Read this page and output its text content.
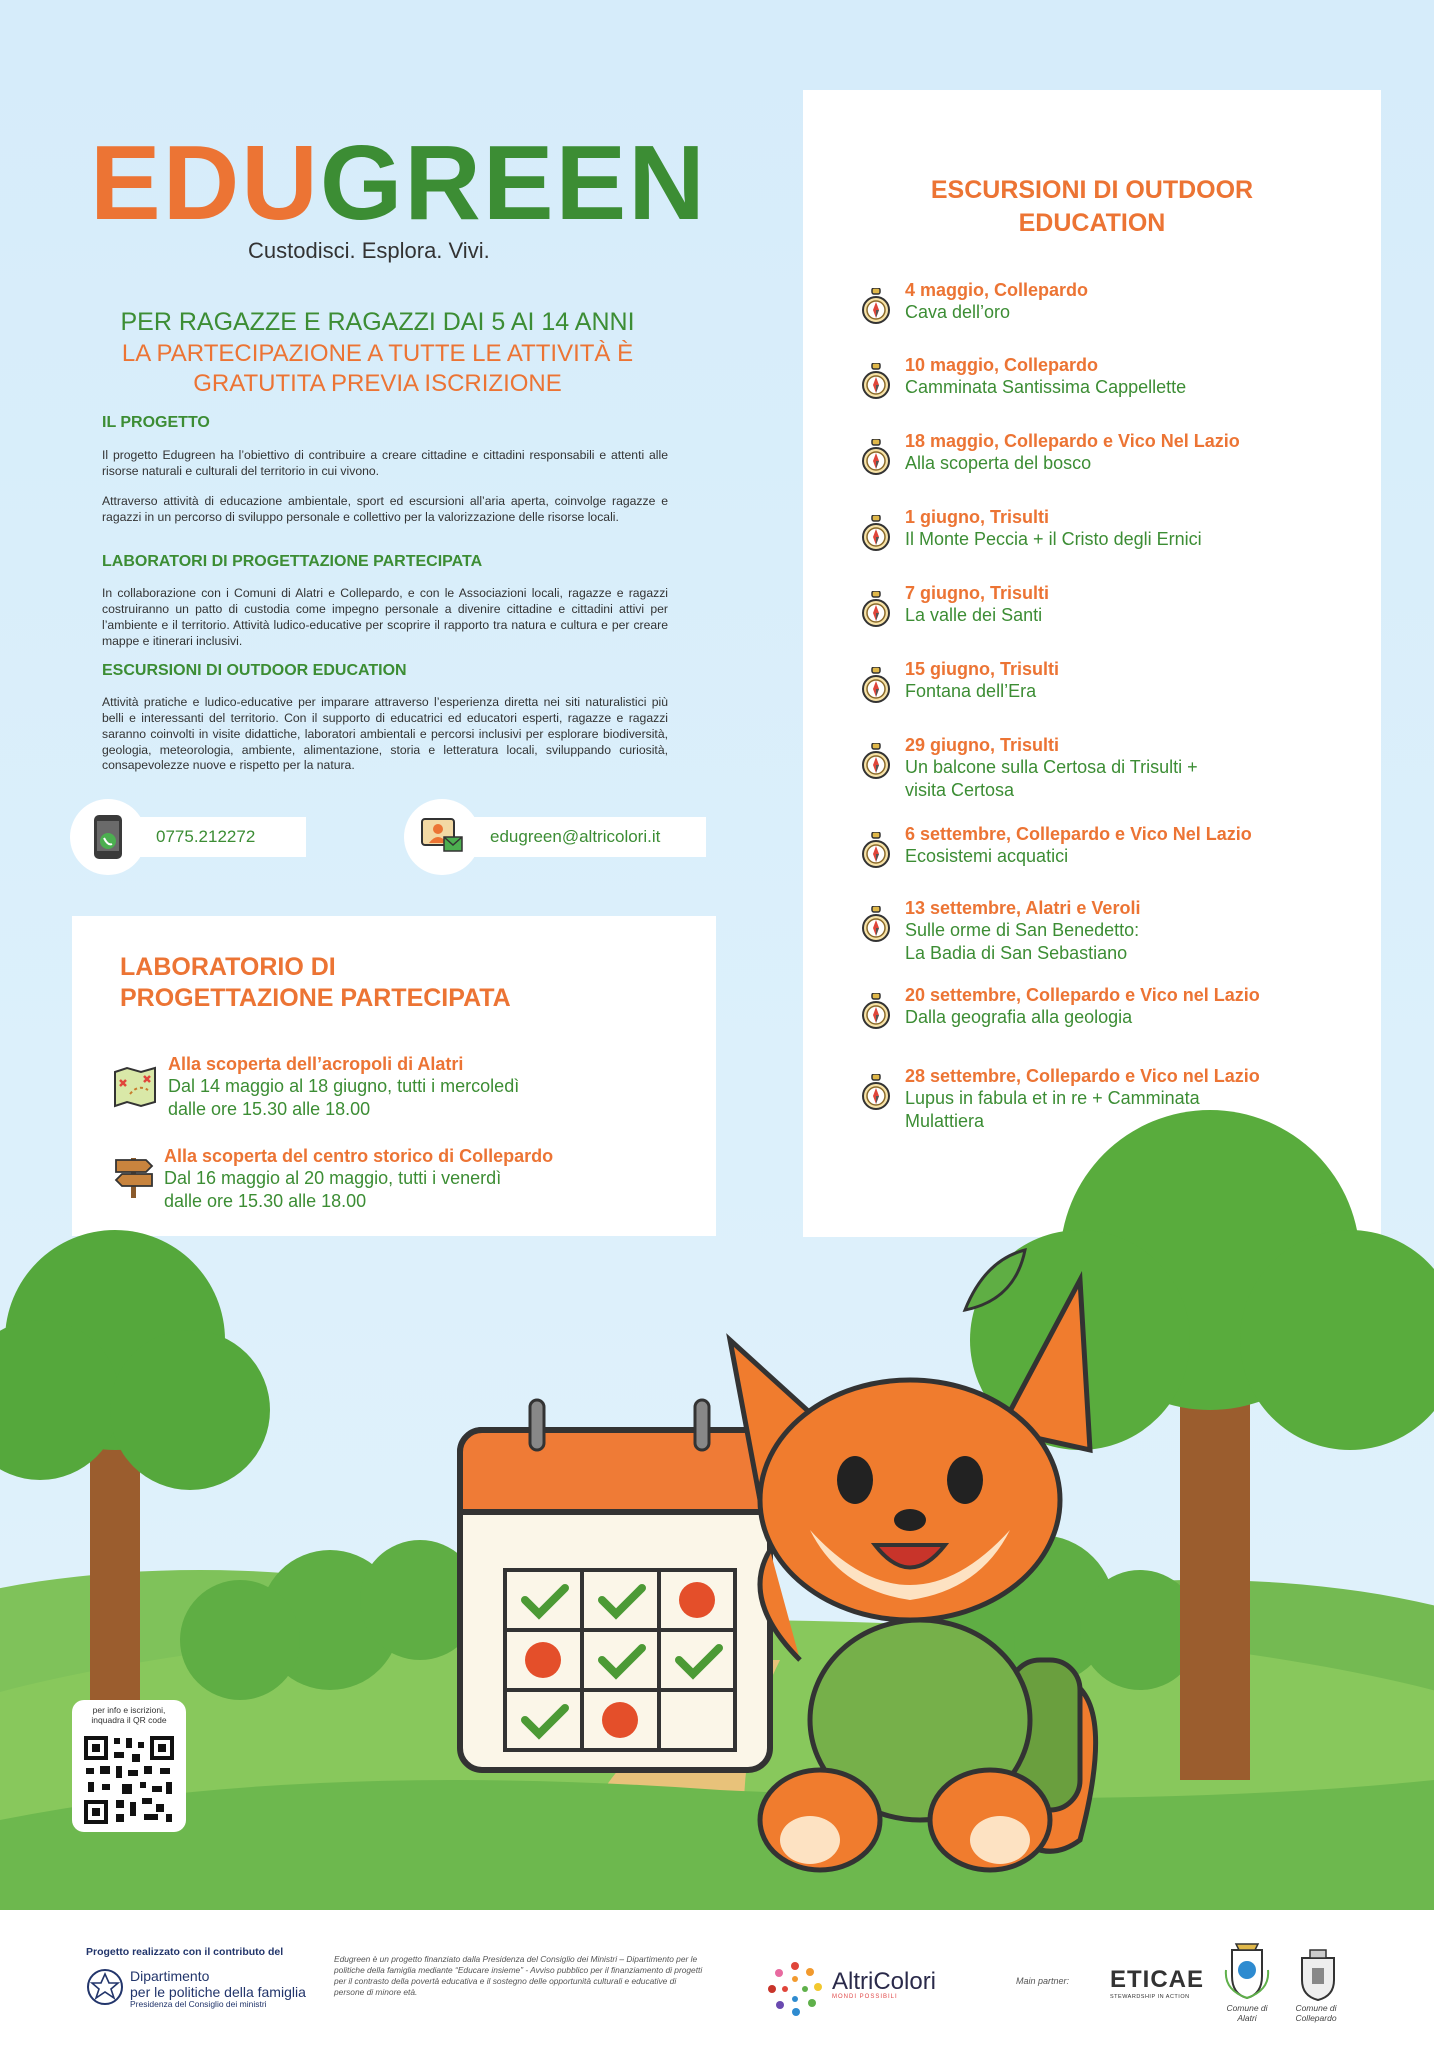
EDUGREEN
Custodisci. Esplora. Vivi.
PER RAGAZZE E RAGAZZI DAI 5 AI 14 ANNI
LA PARTECIPAZIONE A TUTTE LE ATTIVITÀ È GRATUTITA PREVIA ISCRIZIONE
IL PROGETTO

Il progetto Edugreen ha l’obiettivo di contribuire a creare cittadine e cittadini responsabili e attenti alle risorse naturali e culturali del territorio in cui vivono.

Attraverso attività di educazione ambientale, sport ed escursioni all’aria aperta, coinvolge ragazze e ragazzi in un percorso di sviluppo personale e collettivo per la valorizzazione delle risorse locali.

LABORATORI DI PROGETTAZIONE PARTECIPATA

In collaborazione con i Comuni di Alatri e Collepardo, e con le Associazioni locali, ragazze e ragazzi costruiranno un patto di custodia come impegno personale a divenire cittadine e cittadini attivi per l’ambiente e il territorio. Attività ludico-educative per scoprire il rapporto tra natura e cultura e per creare mappe e itinerari inclusivi.

ESCURSIONI DI OUTDOOR EDUCATION

Attività pratiche e ludico-educative per imparare attraverso l’esperienza diretta nei siti naturalistici più belli e interessanti del territorio. Con il supporto di educatrici ed educatori esperti, ragazze e ragazzi saranno coinvolti in visite didattiche, laboratori ambientali e percorsi inclusivi per esplorare biodiversità, geologia, meteorologia, ambiente, alimentazione, storia e letteratura locali, sviluppando curiosità, consapevolezze nuove e rispetto per la natura.

0775.212272	edugreen@altricolori.it
LABORATORIO DI
PROGETTAZIONE PARTECIPATA
Alla scoperta dell’acropoli di Alatri
Dal 14 maggio al 18 giugno, tutti i mercoledì
dalle ore 15.30 alle 18.00
Alla scoperta del centro storico di Collepardo
Dal 16 maggio al 20 maggio, tutti i venerdì
dalle ore 15.30 alle 18.00
ESCURSIONI DI OUTDOOR
EDUCATION
4 maggio, Collepardo
Cava dell’oro
10 maggio, Collepardo
Camminata Santissima Cappellette
18 maggio, Collepardo e Vico Nel Lazio
Alla scoperta del bosco
1 giugno, Trisulti
Il Monte Peccia + il Cristo degli Ernici
7 giugno, Trisulti
La valle dei Santi
15 giugno, Trisulti
Fontana dell’Era
29 giugno, Trisulti
Un balcone sulla Certosa di Trisulti +
visita Certosa
6 settembre, Collepardo e Vico Nel Lazio
Ecosistemi acquatici
13 settembre, Alatri e Veroli
Sulle orme di San Benedetto:
La Badia di San Sebastiano
20 settembre, Collepardo e Vico nel Lazio
Dalla geografia alla geologia
28 settembre, Collepardo e Vico nel Lazio
Lupus in fabula et in re + Camminata
Mulattiera
per info e iscrizioni, inquadra il QR code
Progetto realizzato con il contributo del
Dipartimento
per le politiche della famiglia
Presidenza del Consiglio dei ministri
Edugreen è un progetto finanziato dalla Presidenza del Consiglio dei Ministri – Dipartimento per le politiche della famiglia mediante “Educare insieme” - Avviso pubblico per il finanziamento di progetti per il contrasto della povertà educativa e il sostegno delle opportunità culturali e educative di persone di minore età.	AltriColori
MONDI POSSIBILI
Main partner: ETICAE
STEWARDSHIP IN ACTION
Comune di Alatri
Comune di Collepardo
